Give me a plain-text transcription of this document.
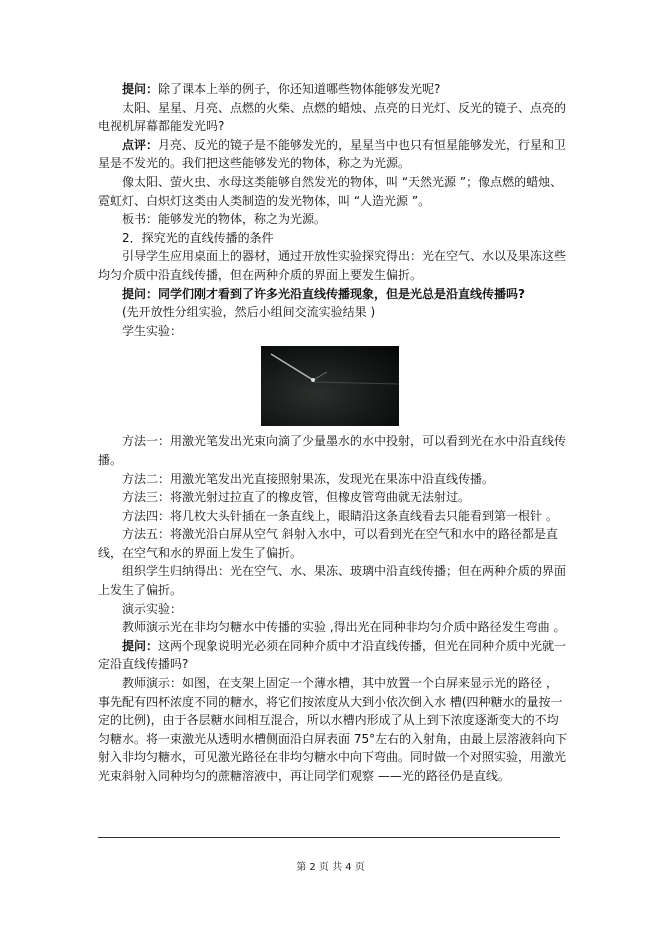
提问：除了课本上举的例子，你还知道哪些物体能够发光呢?

太阳、星星、月亮、点燃的火柴、点燃的蜡烛、点亮的日光灯、反光的镜子、点亮的电视机屏幕都能发光吗?

点评：月亮、反光的镜子是不能够发光的，星星当中也只有恒星能够发光，行星和卫星是不发光的。我们把这些能够发光的物体，称之为光源。

像太阳、萤火虫、水母这类能够自然发光的物体，叫 “天然光源 ”；像点燃的蜡烛、霓虹灯、白炽灯这类由人类制造的发光物体，叫 “人造光源 ”。

板书：能够发光的物体，称之为光源。

2．探究光的直线传播的条件

引导学生应用桌面上的器材，通过开放性实验探究得出：光在空气、水以及果冻这些均匀介质中沿直线传播，但在两种介质的界面上要发生偏折。

提问：同学们刚才看到了许多光沿直线传播现象，但是光总是沿直线传播吗?

(先开放性分组实验，然后小组间交流实验结果 )

学生实验：

方法一：用激光笔发出光束向滴了少量墨水的水中投射，可以看到光在水中沿直线传播。

方法二：用激光笔发出光直接照射果冻，发现光在果冻中沿直线传播。

方法三：将激光射过拉直了的橡皮管，但橡皮管弯曲就无法射过。

方法四：将几枚大头针插在一条直线上，眼睛沿这条直线看去只能看到第一根针 。

方法五：将激光沿白屏从空气 斜射入水中，可以看到光在空气和水中的路径都是直线，在空气和水的界面上发生了偏折。

组织学生归纳得出：光在空气、水、果冻、玻璃中沿直线传播；但在两种介质的界面上发生了偏折。

演示实验：

教师演示光在非均匀糖水中传播的实验 ,得出光在同种非均匀介质中路径发生弯曲 。

提问：这两个现象说明光必须在同种介质中才沿直线传播，但光在同种介质中光就一定沿直线传播吗?

教师演示：如图，在支架上固定一个薄水槽，其中放置一个白屏来显示光的路径 ，事先配有四杯浓度不同的糖水，将它们按浓度从大到小依次倒入水 槽(四种糖水的量按一定的比例)，由于各层糖水间相互混合，所以水槽内形成了从上到下浓度逐渐变大的不均匀糖水。将一束激光从透明水槽侧面沿白屏表面 75°左右的入射角，由最上层溶液斜向下射入非均匀糖水，可见激光路径在非均匀糖水中向下弯曲。同时做一个对照实验，用激光光束斜射入同种均匀的蔗糖溶液中，再让同学们观察 ——光的路径仍是直线。

第 2 页 共 4 页
